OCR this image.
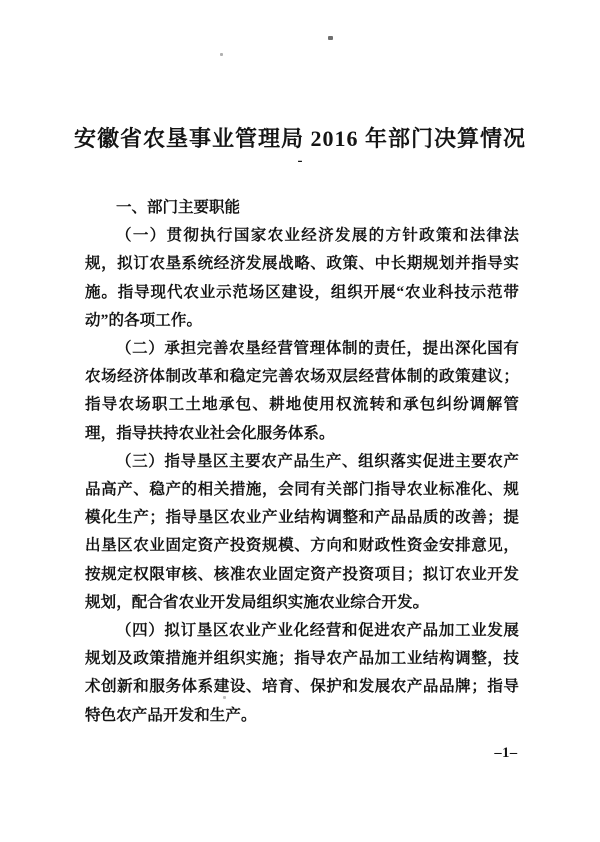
安徽省农垦事业管理局 2016 年部门决算情况
-
一、部门主要职能

（一）贯彻执行国家农业经济发展的方针政策和法律法规，拟订农垦系统经济发展战略、政策、中长期规划并指导实施。指导现代农业示范场区建设，组织开展“农业科技示范带动”的各项工作。

（二）承担完善农垦经营管理体制的责任，提出深化国有农场经济体制改革和稳定完善农场双层经营体制的政策建议；指导农场职工土地承包、耕地使用权流转和承包纠纷调解管理，指导扶持农业社会化服务体系。

（三）指导垦区主要农产品生产、组织落实促进主要农产品高产、稳产的相关措施，会同有关部门指导农业标准化、规模化生产；指导垦区农业产业结构调整和产品品质的改善；提出垦区农业固定资产投资规模、方向和财政性资金安排意见，按规定权限审核、核准农业固定资产投资项目；拟订农业开发规划，配合省农业开发局组织实施农业综合开发。

（四）拟订垦区农业产业化经营和促进农产品加工业发展规划及政策措施并组织实施；指导农产品加工业结构调整，技术创新和服务体系建设、培育、保护和发展农产品品牌；指导特色农产品开发和生产。

–1–
